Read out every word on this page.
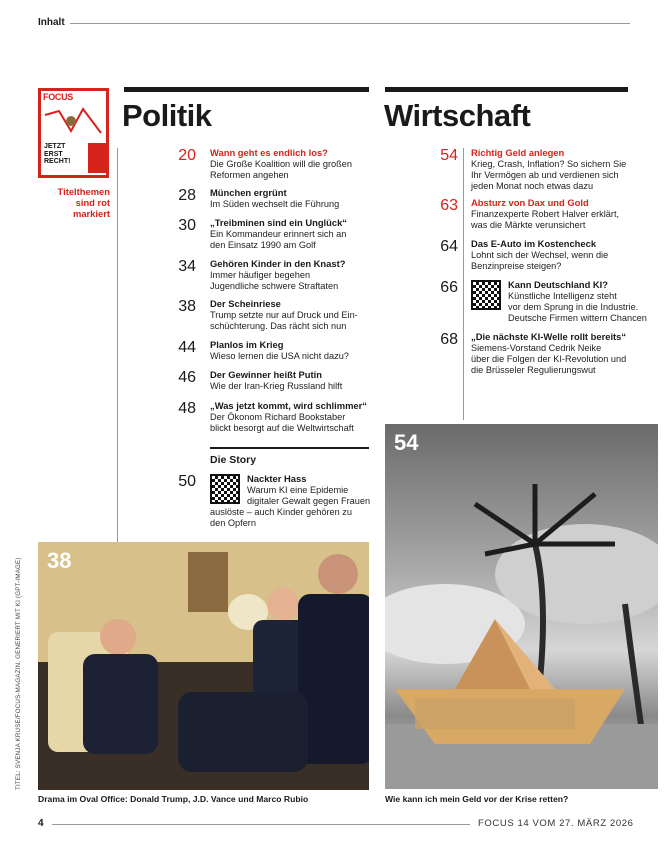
Inhalt
FOCUS
JETZT ERST RECHT!
Titelthemen sind rot markiert
Politik
20 Wann geht es endlich los?
Die Große Koalition will die großen
Reformen angehen
28 München ergrünt
Im Süden wechselt die Führung
30 „Treibminen sind ein Unglück“
Ein Kommandeur erinnert sich an
den Einsatz 1990 am Golf
34 Gehören Kinder in den Knast?
Immer häufiger begehen
Jugendliche schwere Straftaten
38 Der Scheinriese
Trump setzte nur auf Druck und Ein-
schüchterung. Das rächt sich nun
44 Planlos im Krieg
Wieso lernen die USA nicht dazu?
46 Der Gewinner heißt Putin
Wie der Iran-Krieg Russland hilft
48 „Was jetzt kommt, wird schlimmer“
Der Ökonom Richard Bookstaber
blickt besorgt auf die Weltwirtschaft
Die Story
50	Nackter Hass
Warum KI eine Epidemie
digitaler Gewalt gegen Frauen
auslöste – auch Kinder gehören zu
den Opfern
Wirtschaft
54 Richtig Geld anlegen
Krieg, Crash, Inflation? So sichern Sie
Ihr Vermögen ab und verdienen sich
jeden Monat noch etwas dazu
63 Absturz von Dax und Gold
Finanzexperte Robert Halver erklärt,
was die Märkte verunsichert
64 Das E-Auto im Kostencheck
Lohnt sich der Wechsel, wenn die
Benzinpreise steigen?
66	Kann Deutschland KI?
Künstliche Intelligenz steht
vor dem Sprung in die Industrie.
Deutsche Firmen wittern Chancen
68 „Die nächste KI-Welle rollt bereits“
Siemens-Vorstand Cedrik Neike
über die Folgen der KI-Revolution und
die Brüsseler Regulierungswut
38
Drama im Oval Office: Donald Trump, J.D. Vance und Marco Rubio
TITEL: SVENJA KRUSE/FOCUS-MAGAZIN, GENERIERT MIT KI (GPT-IMAGE)
54
Wie kann ich mein Geld vor der Krise retten?
4	FOCUS 14 VOM 27. MÄRZ 2026
